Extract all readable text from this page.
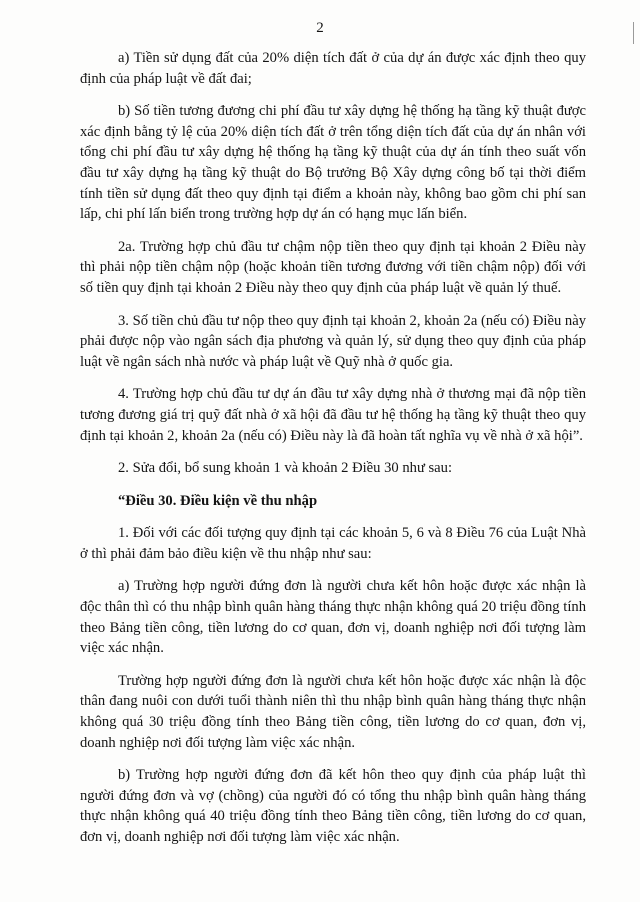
2

a) Tiền sử dụng đất của 20% diện tích đất ở của dự án được xác định theo quy định của pháp luật về đất đai;

b) Số tiền tương đương chi phí đầu tư xây dựng hệ thống hạ tầng kỹ thuật được xác định bằng tỷ lệ của 20% diện tích đất ở trên tổng diện tích đất của dự án nhân với tổng chi phí đầu tư xây dựng hệ thống hạ tầng kỹ thuật của dự án tính theo suất vốn đầu tư xây dựng hạ tầng kỹ thuật do Bộ trưởng Bộ Xây dựng công bố tại thời điểm tính tiền sử dụng đất theo quy định tại điểm a khoản này, không bao gồm chi phí san lấp, chi phí lấn biển trong trường hợp dự án có hạng mục lấn biển.

2a. Trường hợp chủ đầu tư chậm nộp tiền theo quy định tại khoản 2 Điều này thì phải nộp tiền chậm nộp (hoặc khoản tiền tương đương với tiền chậm nộp) đối với số tiền quy định tại khoản 2 Điều này theo quy định của pháp luật về quản lý thuế.

3. Số tiền chủ đầu tư nộp theo quy định tại khoản 2, khoản 2a (nếu có) Điều này phải được nộp vào ngân sách địa phương và quản lý, sử dụng theo quy định của pháp luật về ngân sách nhà nước và pháp luật về Quỹ nhà ở quốc gia.

4. Trường hợp chủ đầu tư dự án đầu tư xây dựng nhà ở thương mại đã nộp tiền tương đương giá trị quỹ đất nhà ở xã hội đã đầu tư hệ thống hạ tầng kỹ thuật theo quy định tại khoản 2, khoản 2a (nếu có) Điều này là đã hoàn tất nghĩa vụ về nhà ở xã hội”.

2. Sửa đổi, bổ sung khoản 1 và khoản 2 Điều 30 như sau:

“Điều 30. Điều kiện về thu nhập

1. Đối với các đối tượng quy định tại các khoản 5, 6 và 8 Điều 76 của Luật Nhà ở thì phải đảm bảo điều kiện về thu nhập như sau:

a) Trường hợp người đứng đơn là người chưa kết hôn hoặc được xác nhận là độc thân thì có thu nhập bình quân hàng tháng thực nhận không quá 20 triệu đồng tính theo Bảng tiền công, tiền lương do cơ quan, đơn vị, doanh nghiệp nơi đối tượng làm việc xác nhận.

Trường hợp người đứng đơn là người chưa kết hôn hoặc được xác nhận là độc thân đang nuôi con dưới tuổi thành niên thì thu nhập bình quân hàng tháng thực nhận không quá 30 triệu đồng tính theo Bảng tiền công, tiền lương do cơ quan, đơn vị, doanh nghiệp nơi đối tượng làm việc xác nhận.

b) Trường hợp người đứng đơn đã kết hôn theo quy định của pháp luật thì người đứng đơn và vợ (chồng) của người đó có tổng thu nhập bình quân hàng tháng thực nhận không quá 40 triệu đồng tính theo Bảng tiền công, tiền lương do cơ quan, đơn vị, doanh nghiệp nơi đối tượng làm việc xác nhận.
